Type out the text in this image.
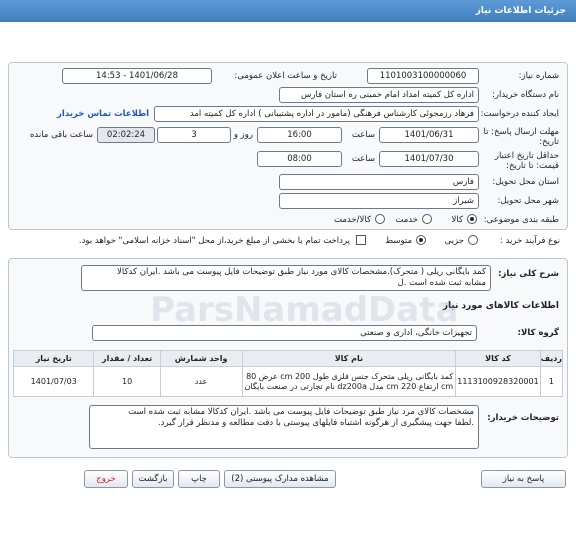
جزئیات اطلاعات نیاز
شماره نیاز:
1101003100000060
تاریخ و ساعت اعلان عمومی:
1401/06/28 - 14:53
نام دستگاه خریدار:
اداره کل کمیته امداد امام خمینی ره استان فارس
ایجاد کننده درخواست:
فرهاد رزمجوئی کارشناس فرهنگی (مامور در اداره پشتیبانی ) اداره کل کمیته امد
اطلاعات تماس خریدار
مهلت ارسال پاسخ: تا تاریخ:
1401/06/31
ساعت
16:00
3	روز و
02:02:24
ساعت باقی مانده
حداقل تاریخ اعتبار قیمت: تا تاریخ:
1401/07/30
ساعت
08:00
استان محل تحویل:
فارس
شهر محل تحویل:
شیراز
طبقه بندی موضوعی:
کالا
خدمت
کالا/خدمت
نوع فرآیند خرید :
جزیی
متوسط
پرداخت تمام یا بخشی از مبلغ خرید،از محل "اسناد خزانه اسلامی" خواهد بود.
شرح کلی نیاز:
کمد بایگانی ریلی ( متحرک).مشخصات کالای مورد نیاز طبق توضیحات فایل پیوست می باشد .ایران کدکالا
مشابه ثبت شده است .ل
اطلاعات کالاهای مورد نیاز
گروه کالا:
تجهیزات خانگی، اداری و صنعتی
ردیف	کد کالا	نام کالا	واحد شمارش	تعداد / مقدار	تاریخ نیاز
1	1113100928320001	کمد بایگانی ریلی متحرک جنس فلزی طول cm 200 عرض 80
cm ارتفاع 220 cm مدل dz200a نام تجارتی در صنعت بایگان	عدد	10	1401/07/03
توضیحات خریدار:
مشخصات کالای مرد نیاز طبق توضیحات فایل پیوست می باشد .ایران کدکالا مشابه ثبت شده است
.لطفا جهت پیشگیری از هرگونه اشتباه فایلهای پیوستی با دقت مطالعه و مدنظر قرار گیرد.
پاسخ به نیاز
مشاهده مدارک پیوستی (2)
چاپ
بازگشت
خروج
